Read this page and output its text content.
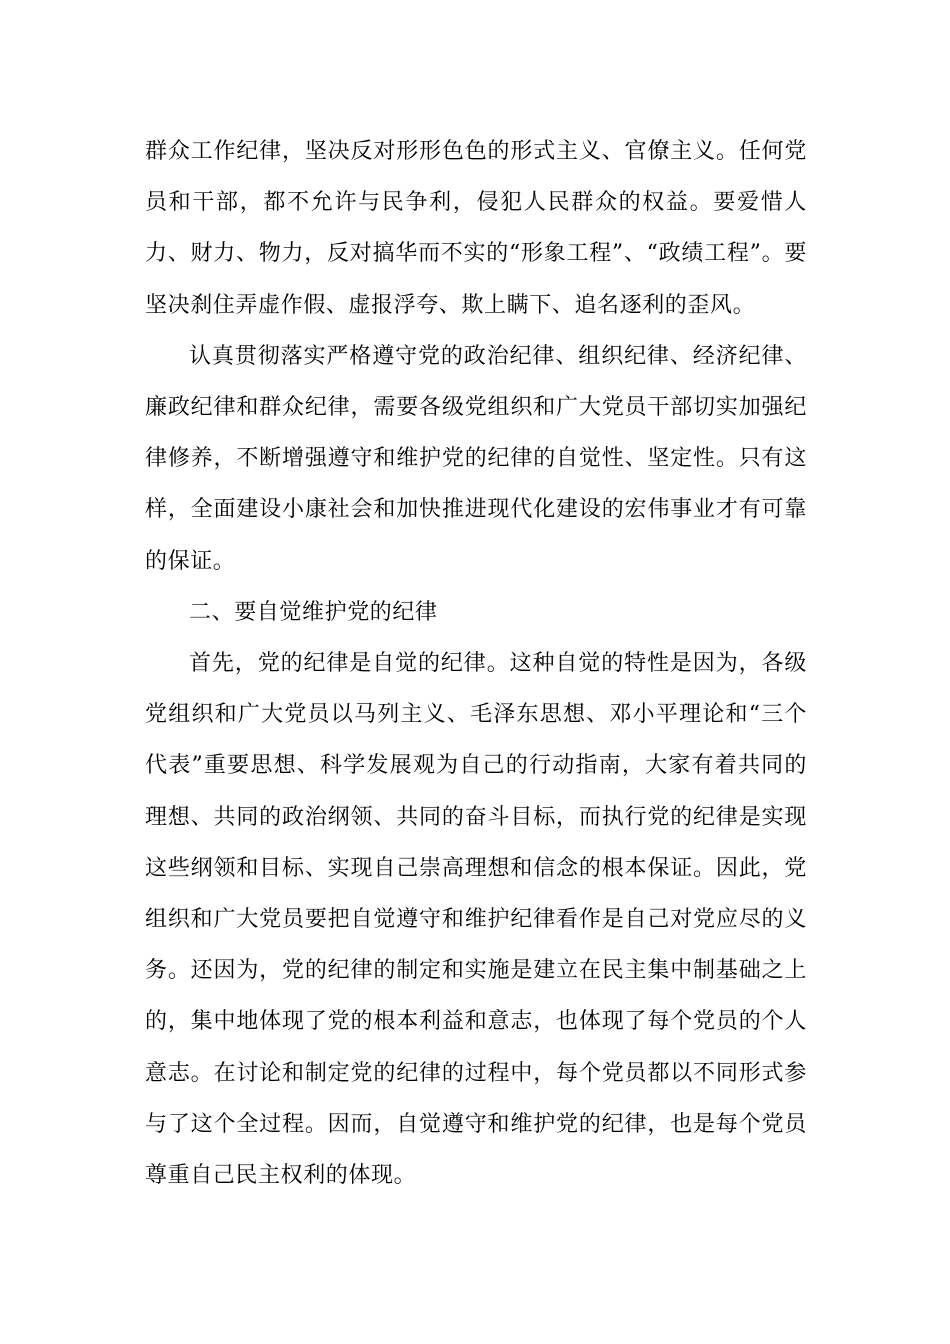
群众工作纪律，坚决反对形形色色的形式主义、官僚主义。任何党员和干部，都不允许与民争利，侵犯人民群众的权益。要爱惜人力、财力、物力，反对搞华而不实的“形象工程”、“政绩工程”。要坚决刹住弄虚作假、虚报浮夸、欺上瞒下、追名逐利的歪风。

认真贯彻落实严格遵守党的政治纪律、组织纪律、经济纪律、廉政纪律和群众纪律，需要各级党组织和广大党员干部切实加强纪律修养，不断增强遵守和维护党的纪律的自觉性、坚定性。只有这样，全面建设小康社会和加快推进现代化建设的宏伟事业才有可靠的保证。

二、要自觉维护党的纪律

首先，党的纪律是自觉的纪律。这种自觉的特性是因为，各级党组织和广大党员以马列主义、毛泽东思想、邓小平理论和“三个代表”重要思想、科学发展观为自己的行动指南，大家有着共同的理想、共同的政治纲领、共同的奋斗目标，而执行党的纪律是实现这些纲领和目标、实现自己崇高理想和信念的根本保证。因此，党组织和广大党员要把自觉遵守和维护纪律看作是自己对党应尽的义务。还因为，党的纪律的制定和实施是建立在民主集中制基础之上的，集中地体现了党的根本利益和意志，也体现了每个党员的个人意志。在讨论和制定党的纪律的过程中，每个党员都以不同形式参与了这个全过程。因而，自觉遵守和维护党的纪律，也是每个党员尊重自己民主权利的体现。
